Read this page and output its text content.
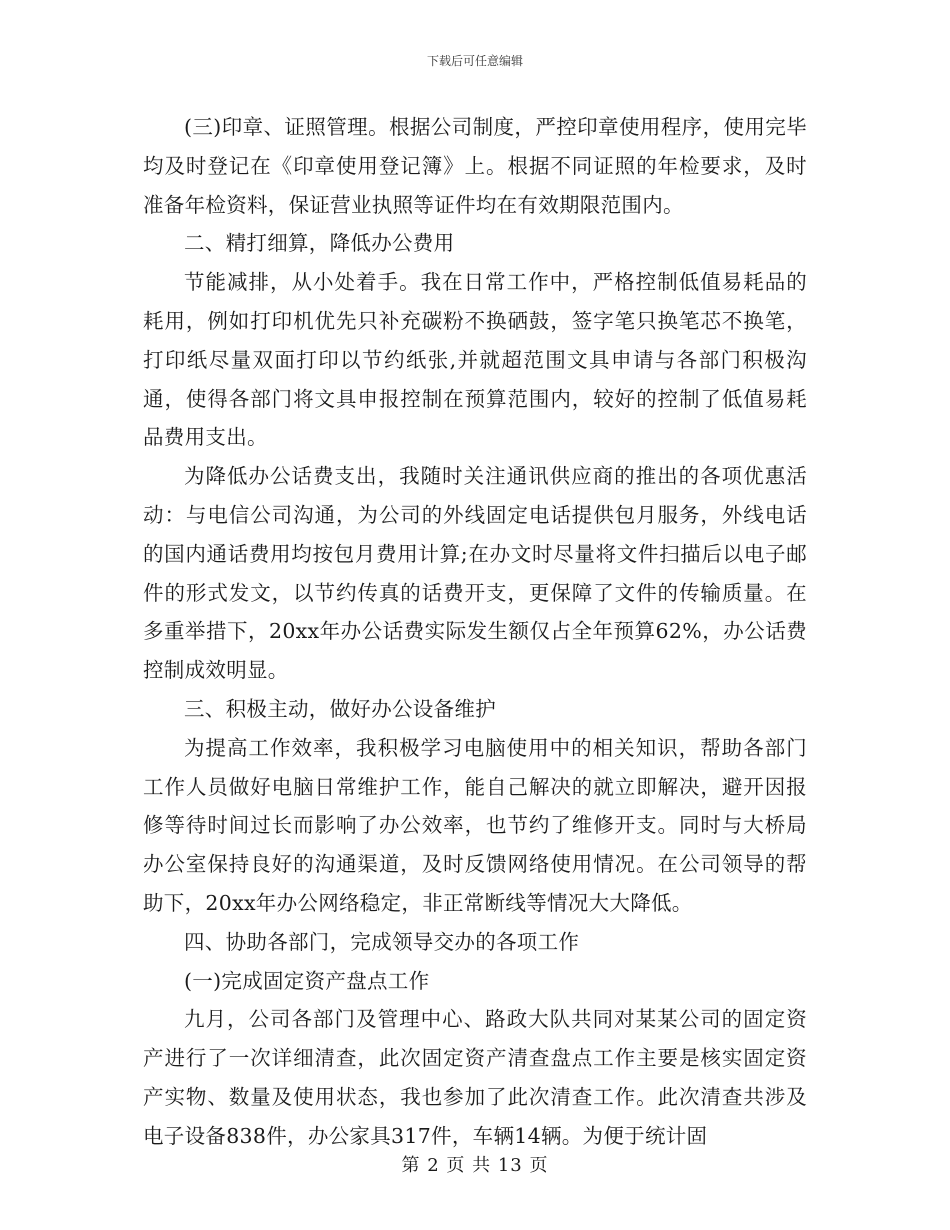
下载后可任意编辑

(三)印章、证照管理。根据公司制度，严控印章使用程序，使用完毕均及时登记在《印章使用登记簿》上。根据不同证照的年检要求，及时准备年检资料，保证营业执照等证件均在有效期限范围内。

二、精打细算，降低办公费用

节能减排，从小处着手。我在日常工作中，严格控制低值易耗品的耗用，例如打印机优先只补充碳粉不换硒鼓，签字笔只换笔芯不换笔，打印纸尽量双面打印以节约纸张,并就超范围文具申请与各部门积极沟通，使得各部门将文具申报控制在预算范围内，较好的控制了低值易耗品费用支出。

为降低办公话费支出，我随时关注通讯供应商的推出的各项优惠活动：与电信公司沟通，为公司的外线固定电话提供包月服务，外线电话的国内通话费用均按包月费用计算;在办文时尽量将文件扫描后以电子邮件的形式发文，以节约传真的话费开支，更保障了文件的传输质量。在多重举措下，20xx年办公话费实际发生额仅占全年预算62%，办公话费控制成效明显。

三、积极主动，做好办公设备维护

为提高工作效率，我积极学习电脑使用中的相关知识，帮助各部门工作人员做好电脑日常维护工作，能自己解决的就立即解决，避开因报修等待时间过长而影响了办公效率，也节约了维修开支。同时与大桥局办公室保持良好的沟通渠道，及时反馈网络使用情况。在公司领导的帮助下，20xx年办公网络稳定，非正常断线等情况大大降低。

四、协助各部门，完成领导交办的各项工作

(一)完成固定资产盘点工作

九月，公司各部门及管理中心、路政大队共同对某某公司的固定资产进行了一次详细清查，此次固定资产清查盘点工作主要是核实固定资产实物、数量及使用状态，我也参加了此次清查工作。此次清查共涉及电子设备838件，办公家具317件，车辆14辆。为便于统计固

第 2 页 共 13 页
